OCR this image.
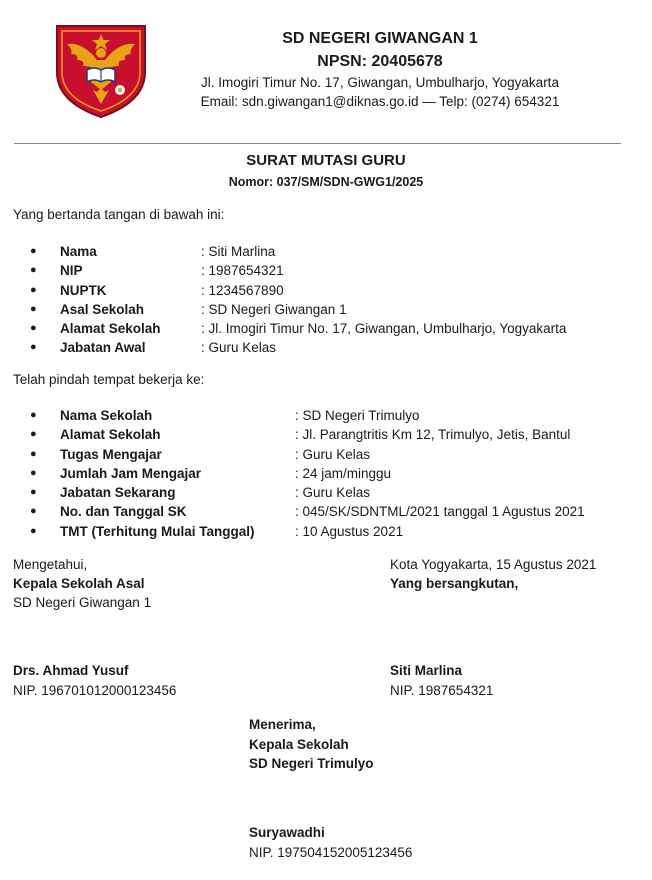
SD NEGERI GIWANGAN 1
NPSN: 20405678
Jl. Imogiri Timur No. 17, Giwangan, Umbulharjo, Yogyakarta
Email: sdn.giwangan1@diknas.go.id — Telp: (0274) 654321
SURAT MUTASI GURU
Nomor: 037/SM/SDN-GWG1/2025
Yang bertanda tangan di bawah ini:
● Nama	: Siti Marlina
● NIP	: 1987654321
● NUPTK	: 1234567890
● Asal Sekolah	: SD Negeri Giwangan 1
● Alamat Sekolah	: Jl. Imogiri Timur No. 17, Giwangan, Umbulharjo, Yogyakarta
● Jabatan Awal	: Guru Kelas
Telah pindah tempat bekerja ke:
● Nama Sekolah	: SD Negeri Trimulyo
● Alamat Sekolah	: Jl. Parangtritis Km 12, Trimulyo, Jetis, Bantul
● Tugas Mengajar	: Guru Kelas
● Jumlah Jam Mengajar	: 24 jam/minggu
● Jabatan Sekarang	: Guru Kelas
● No. dan Tanggal SK	: 045/SK/SDNTML/2021 tanggal 1 Agustus 2021
● TMT (Terhitung Mulai Tanggal)	: 10 Agustus 2021
Mengetahui,
Kepala Sekolah Asal
SD Negeri Giwangan 1
Kota Yogyakarta, 15 Agustus 2021
Yang bersangkutan,
Drs. Ahmad Yusuf
NIP. 196701012000123456
Siti Marlina
NIP. 1987654321
Menerima,
Kepala Sekolah
SD Negeri Trimulyo
Suryawadhi
NIP. 197504152005123456
